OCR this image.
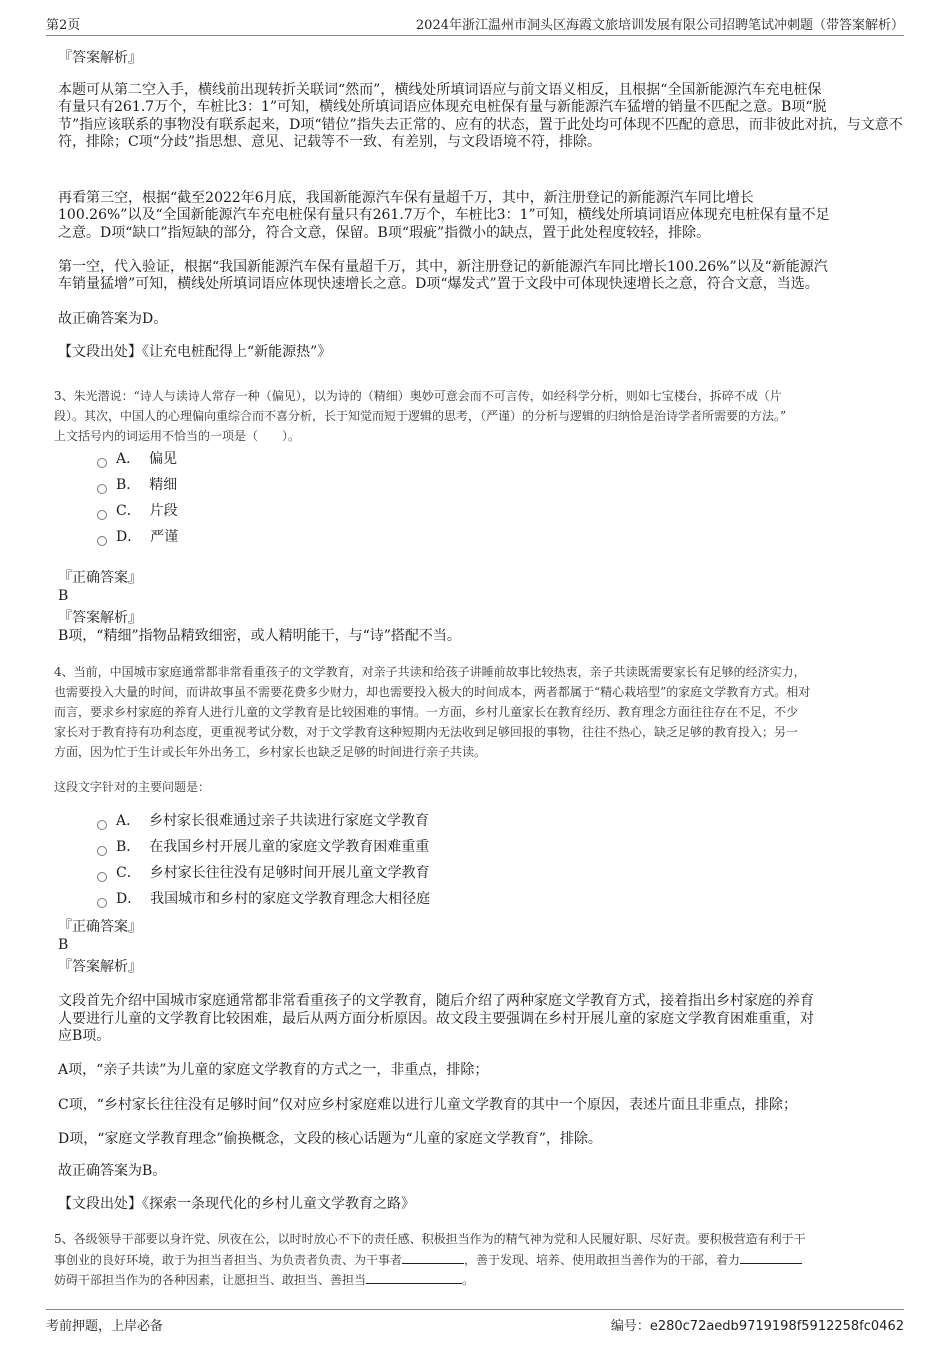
第2页	2024年浙江温州市洞头区海霞文旅培训发展有限公司招聘笔试冲刺题（带答案解析）
『答案解析』
本题可从第二空入手，横线前出现转折关联词“然而”，横线处所填词语应与前文语义相反，且根据“全国新能源汽车充电桩保
有量只有261.7万个，车桩比3：1”可知，横线处所填词语应体现充电桩保有量与新能源汽车猛增的销量不匹配之意。B项“脱
节”指应该联系的事物没有联系起来，D项“错位”指失去正常的、应有的状态，置于此处均可体现不匹配的意思，而非彼此对抗，与文意不
符，排除；C项“分歧”指思想、意见、记载等不一致、有差别，与文段语境不符，排除。
再看第三空，根据“截至2022年6月底，我国新能源汽车保有量超千万，其中，新注册登记的新能源汽车同比增长
100.26%”以及“全国新能源汽车充电桩保有量只有261.7万个，车桩比3：1”可知，横线处所填词语应体现充电桩保有量不足
之意。D项“缺口”指短缺的部分，符合文意，保留。B项“瑕疵”指微小的缺点，置于此处程度较轻，排除。
第一空，代入验证，根据“我国新能源汽车保有量超千万，其中，新注册登记的新能源汽车同比增长100.26%”以及“新能源汽
车销量猛增”可知，横线处所填词语应体现快速增长之意。D项“爆发式”置于文段中可体现快速增长之意，符合文意，当选。
故正确答案为D。
【文段出处】《让充电桩配得上“新能源热”》
3、朱光潜说：“诗人与读诗人常存一种（偏见），以为诗的（精细）奥妙可意会而不可言传，如经科学分析，则如七宝楼台，拆碎不成（片
段）。其次，中国人的心理偏向重综合而不喜分析，长于知觉而短于逻辑的思考，（严谨）的分析与逻辑的归纳恰是治诗学者所需要的方法。”
上文括号内的词运用不恰当的一项是（　　）。
A． 偏见
B． 精细
C． 片段
D． 严谨
『正确答案』
B
『答案解析』
B项，“精细”指物品精致细密，或人精明能干，与“诗”搭配不当。
4、当前，中国城市家庭通常都非常看重孩子的文学教育，对亲子共读和给孩子讲睡前故事比较热衷，亲子共读既需要家长有足够的经济实力，
也需要投入大量的时间，而讲故事虽不需要花费多少财力，却也需要投入极大的时间成本，两者都属于“精心栽培型”的家庭文学教育方式。相对
而言，要求乡村家庭的养育人进行儿童的文学教育是比较困难的事情。一方面，乡村儿童家长在教育经历、教育理念方面往往存在不足，不少
家长对于教育持有功利态度，更重视考试分数，对于文学教育这种短期内无法收到足够回报的事物，往往不热心，缺乏足够的教育投入；另一
方面，因为忙于生计或长年外出务工，乡村家长也缺乏足够的时间进行亲子共读。
这段文字针对的主要问题是：
A． 乡村家长很难通过亲子共读进行家庭文学教育
B． 在我国乡村开展儿童的家庭文学教育困难重重
C． 乡村家长往往没有足够时间开展儿童文学教育
D． 我国城市和乡村的家庭文学教育理念大相径庭
『正确答案』
B
『答案解析』
文段首先介绍中国城市家庭通常都非常看重孩子的文学教育，随后介绍了两种家庭文学教育方式，接着指出乡村家庭的养育
人要进行儿童的文学教育比较困难，最后从两方面分析原因。故文段主要强调在乡村开展儿童的家庭文学教育困难重重，对
应B项。
A项，“亲子共读”为儿童的家庭文学教育的方式之一，非重点，排除；
C项，“乡村家长往往没有足够时间”仅对应乡村家庭难以进行儿童文学教育的其中一个原因，表述片面且非重点，排除；
D项，“家庭文学教育理念”偷换概念，文段的核心话题为“儿童的家庭文学教育”，排除。
故正确答案为B。
【文段出处】《探索一条现代化的乡村儿童文学教育之路》
5、各级领导干部要以身许党、夙夜在公，以时时放心不下的责任感、积极担当作为的精气神为党和人民履好职、尽好责。要积极营造有利于干
事创业的良好环境，敢于为担当者担当、为负责者负责、为干事者	，善于发现、培养、使用敢担当善作为的干部，着力
妨碍干部担当作为的各种因素，让愿担当、敢担当、善担当	。
考前押题，上岸必备	编号：e280c72aedb9719198f5912258fc0462
